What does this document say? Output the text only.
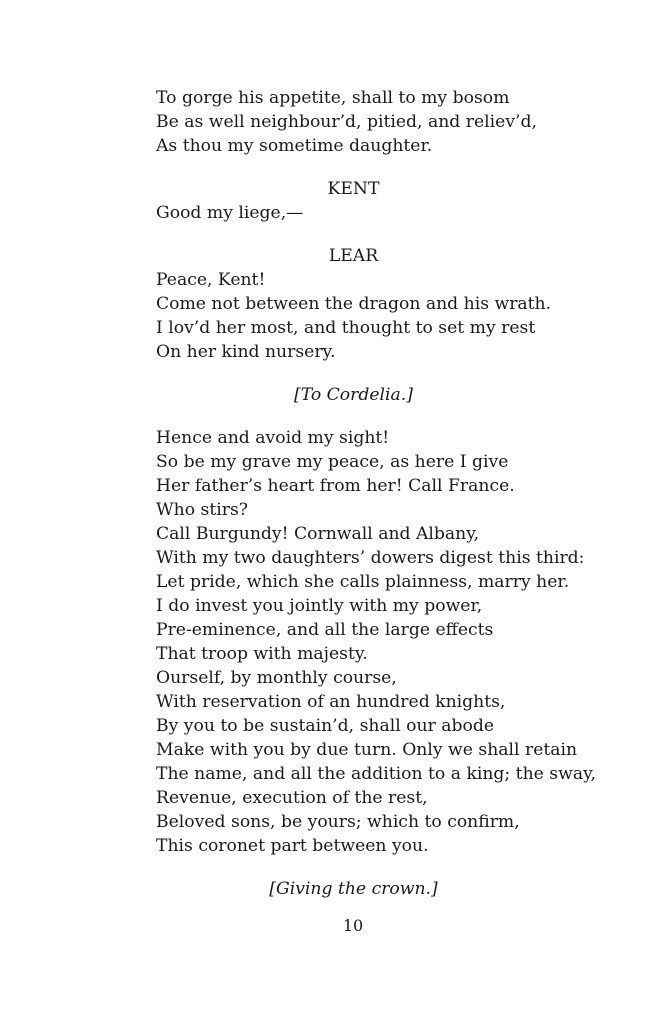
To gorge his appetite, shall to my bosom
Be as well neighbour’d, pitied, and reliev’d,
As thou my sometime daughter.
KENT
Good my liege,—
LEAR
Peace, Kent!
Come not between the dragon and his wrath.
I lov’d her most, and thought to set my rest
On her kind nursery.
[To Cordelia.]
Hence and avoid my sight!
So be my grave my peace, as here I give
Her father’s heart from her! Call France.
Who stirs?
Call Burgundy! Cornwall and Albany,
With my two daughters’ dowers digest this third:
Let pride, which she calls plainness, marry her.
I do invest you jointly with my power,
Pre-eminence, and all the large effects
That troop with majesty.
Ourself, by monthly course,
With reservation of an hundred knights,
By you to be sustain’d, shall our abode
Make with you by due turn. Only we shall retain
The name, and all the addition to a king; the sway,
Revenue, execution of the rest,
Beloved sons, be yours; which to confirm,
This coronet part between you.
[Giving the crown.]
10
